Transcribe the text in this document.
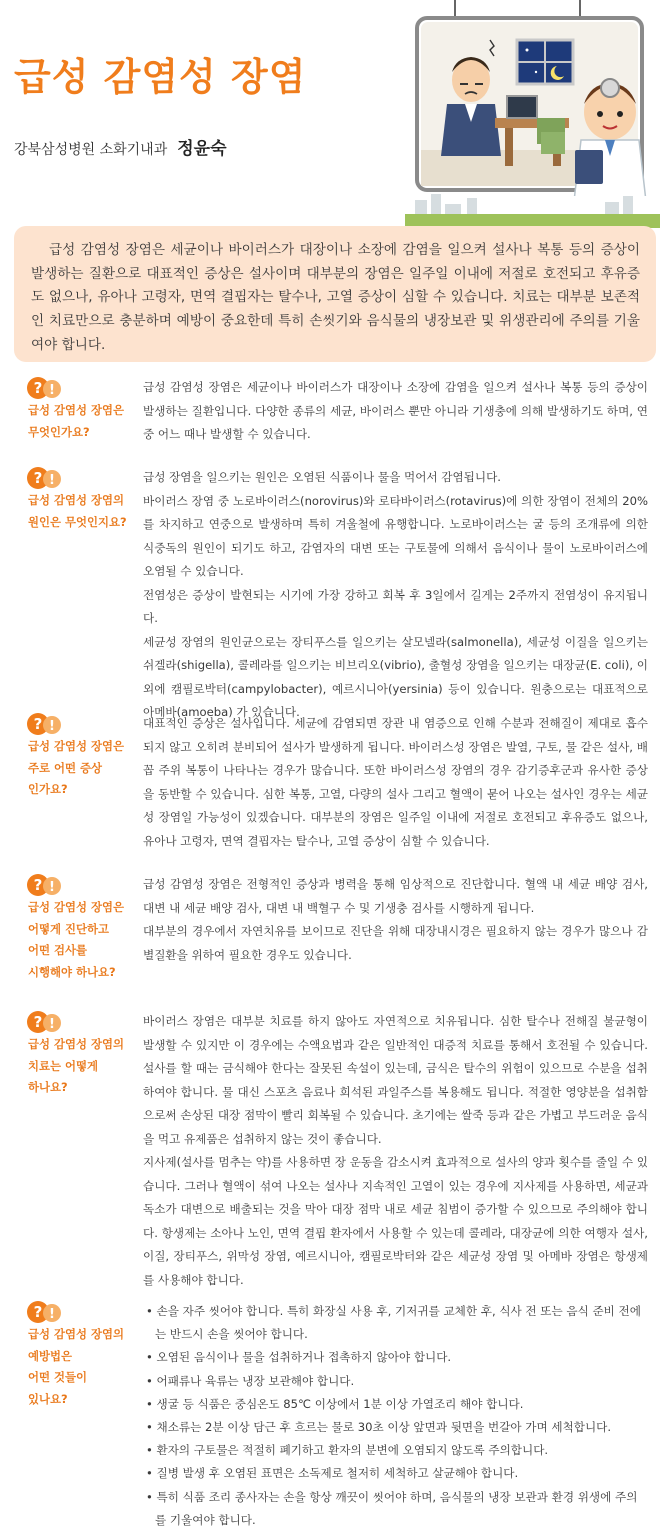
급성 감염성 장염
강북삼성병원 소화기내과 정윤숙
급성 감염성 장염은 세균이나 바이러스가 대장이나 소장에 감염을 일으켜 설사나 복통 등의 증상이 발생하는 질환으로 대표적인 증상은 설사이며 대부분의 장염은 일주일 이내에 저절로 호전되고 후유증도 없으나, 유아나 고령자, 면역 결핍자는 탈수나, 고열 증상이 심할 수 있습니다. 치료는 대부분 보존적인 치료만으로 충분하며 예방이 중요한데 특히 손씻기와 음식물의 냉장보관 및 위생관리에 주의를 기울여야 합니다.
? !
급성 감염성 장염은
무엇인가요?

급성 감염성 장염은 세균이나 바이러스가 대장이나 소장에 감염을 일으켜 설사나 복통 등의 증상이 발생하는 질환입니다. 다양한 종류의 세균, 바이러스 뿐만 아니라 기생충에 의해 발생하기도 하며, 연중 어느 때나 발생할 수 있습니다.

? !
급성 감염성 장염의
원인은 무엇인지요?

급성 장염을 일으키는 원인은 오염된 식품이나 물을 먹어서 감염됩니다.

바이러스 장염 중 노로바이러스(norovirus)와 로타바이러스(rotavirus)에 의한 장염이 전체의 20%를 차지하고 연중으로 발생하며 특히 겨울철에 유행합니다. 노로바이러스는 굴 등의 조개류에 의한 식중독의 원인이 되기도 하고, 감염자의 대변 또는 구토물에 의해서 음식이나 물이 노로바이러스에 오염될 수 있습니다.

전염성은 증상이 발현되는 시기에 가장 강하고 회복 후 3일에서 길게는 2주까지 전염성이 유지됩니다.

세균성 장염의 원인균으로는 장티푸스를 일으키는 살모넬라(salmonella), 세균성 이질을 일으키는 쉬겔라(shigella), 콜레라를 일으키는 비브리오(vibrio), 출혈성 장염을 일으키는 대장균(E. coli), 이외에 캠필로박터(campylobacter), 예르시니아(yersinia) 등이 있습니다. 원충으로는 대표적으로 아메바(amoeba) 가 있습니다.

? !
급성 감염성 장염은
주로 어떤 증상
인가요?

대표적인 증상은 설사입니다. 세균에 감염되면 장관 내 염증으로 인해 수분과 전해질이 제대로 흡수되지 않고 오히려 분비되어 설사가 발생하게 됩니다. 바이러스성 장염은 발열, 구토, 물 같은 설사, 배꼽 주위 복통이 나타나는 경우가 많습니다. 또한 바이러스성 장염의 경우 감기증후군과 유사한 증상을 동반할 수 있습니다. 심한 복통, 고열, 다량의 설사 그리고 혈액이 묻어 나오는 설사인 경우는 세균성 장염일 가능성이 있겠습니다. 대부분의 장염은 일주일 이내에 저절로 호전되고 후유증도 없으나, 유아나 고령자, 면역 결핍자는 탈수나, 고열 증상이 심할 수 있습니다.

? !
급성 감염성 장염은
어떻게 진단하고
어떤 검사를
시행해야 하나요?

급성 감염성 장염은 전형적인 증상과 병력을 통해 임상적으로 진단합니다. 혈액 내 세균 배양 검사, 대변 내 세균 배양 검사, 대변 내 백혈구 수 및 기생충 검사를 시행하게 됩니다.

대부분의 경우에서 자연치유를 보이므로 진단을 위해 대장내시경은 필요하지 않는 경우가 많으나 감별질환을 위하여 필요한 경우도 있습니다.

? !
급성 감염성 장염의
치료는 어떻게
하나요?

바이러스 장염은 대부분 치료를 하지 않아도 자연적으로 치유됩니다. 심한 탈수나 전해질 불균형이 발생할 수 있지만 이 경우에는 수액요법과 같은 일반적인 대증적 치료를 통해서 호전될 수 있습니다. 설사를 할 때는 금식해야 한다는 잘못된 속설이 있는데, 금식은 탈수의 위험이 있으므로 수분을 섭취하여야 합니다. 물 대신 스포츠 음료나 희석된 과일주스를 복용해도 됩니다. 적절한 영양분을 섭취함으로써 손상된 대장 점막이 빨리 회복될 수 있습니다. 초기에는 쌀죽 등과 같은 가볍고 부드러운 음식을 먹고 유제품은 섭취하지 않는 것이 좋습니다.

지사제(설사를 멈추는 약)를 사용하면 장 운동을 감소시켜 효과적으로 설사의 양과 횟수를 줄일 수 있습니다. 그러나 혈액이 섞여 나오는 설사나 지속적인 고열이 있는 경우에 지사제를 사용하면, 세균과 독소가 대변으로 배출되는 것을 막아 대장 점막 내로 세균 침범이 증가할 수 있으므로 주의해야 합니다. 항생제는 소아나 노인, 면역 결핍 환자에서 사용할 수 있는데 콜레라, 대장균에 의한 여행자 설사, 이질, 장티푸스, 위막성 장염, 예르시니아, 캠필로박터와 같은 세균성 장염 및 아메바 장염은 항생제를 사용해야 합니다.

? !
급성 감염성 장염의
예방법은
어떤 것들이
있나요?
• 손을 자주 씻어야 합니다. 특히 화장실 사용 후, 기저귀를 교체한 후, 식사 전 또는 음식 준비 전에는 반드시 손을 씻어야 합니다.
• 오염된 음식이나 물을 섭취하거나 접촉하지 않아야 합니다.
• 어패류나 육류는 냉장 보관해야 합니다.
• 생굴 등 식품은 중심온도 85℃ 이상에서 1분 이상 가열조리 해야 합니다.
• 채소류는 2분 이상 담근 후 흐르는 물로 30초 이상 앞면과 뒷면을 번갈아 가며 세척합니다.
• 환자의 구토물은 적절히 폐기하고 환자의 분변에 오염되지 않도록 주의합니다.
• 질병 발생 후 오염된 표면은 소독제로 철저히 세척하고 살균해야 합니다.
• 특히 식품 조리 종사자는 손을 항상 깨끗이 씻어야 하며, 음식물의 냉장 보관과 환경 위생에 주의를 기울여야 합니다.
